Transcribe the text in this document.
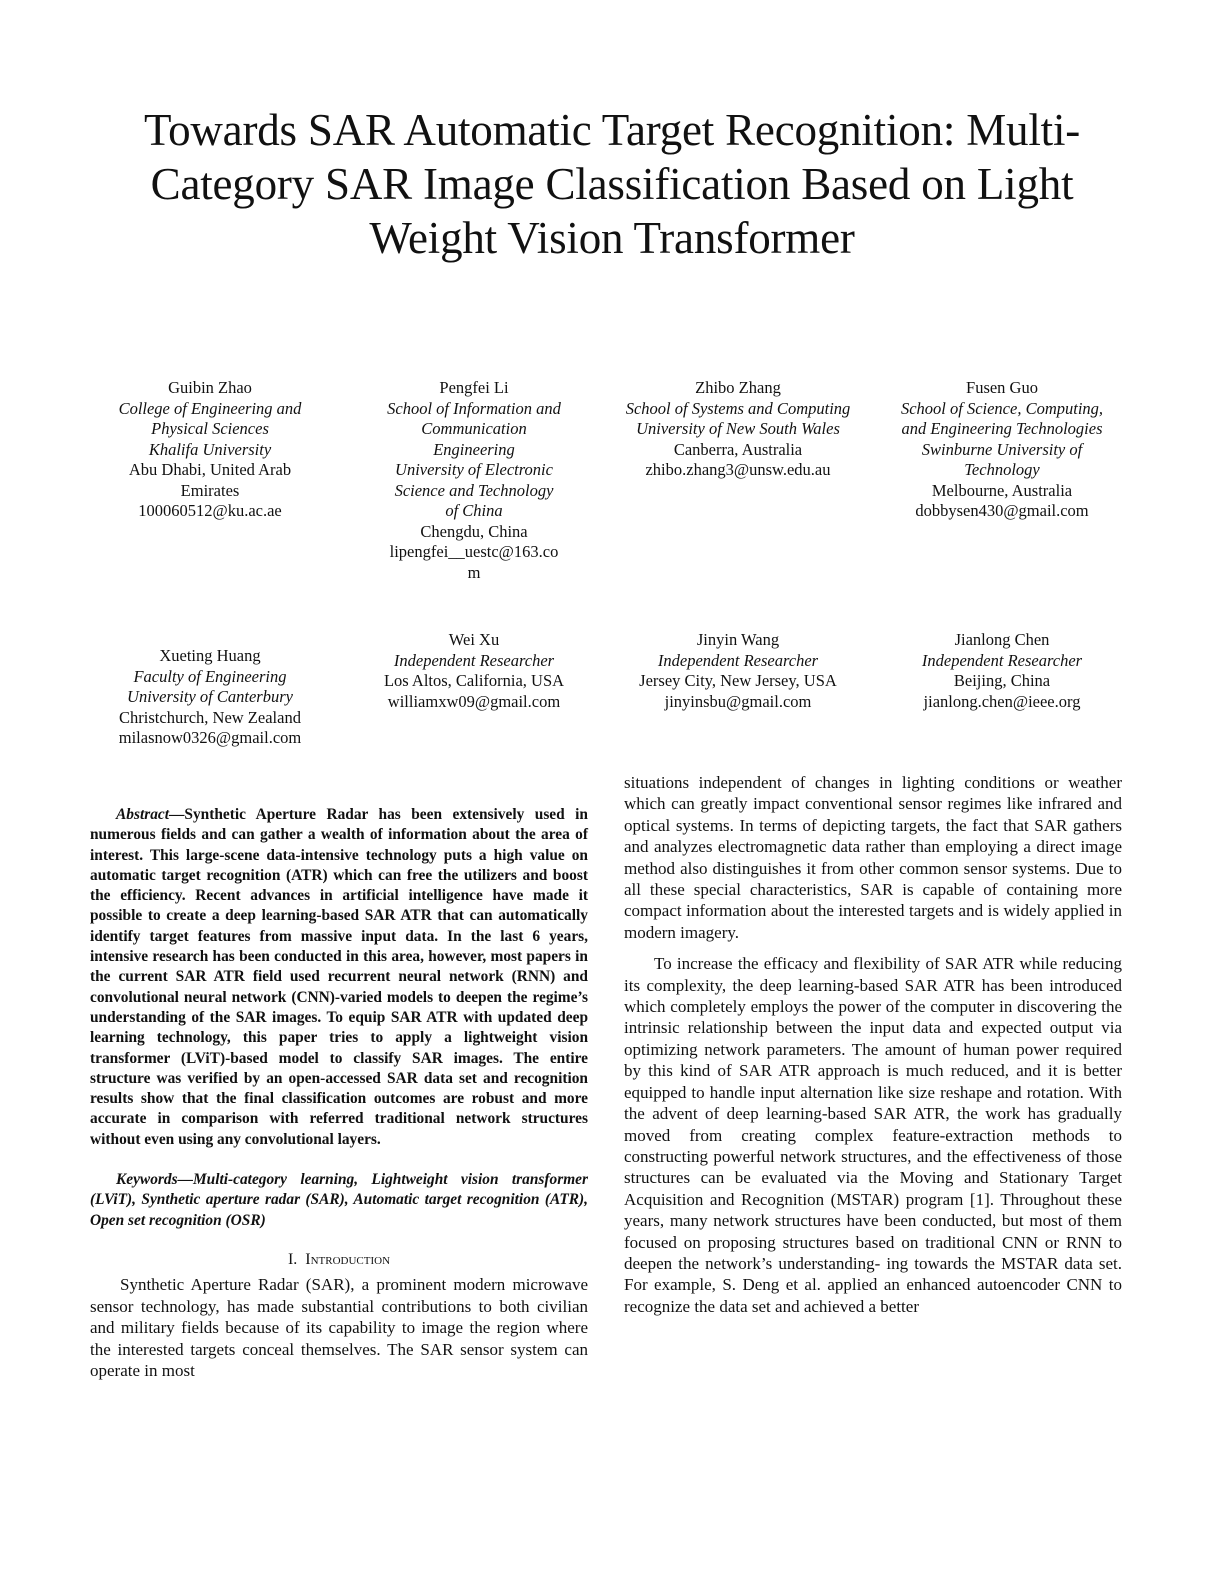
Towards SAR Automatic Target Recognition: Multi-Category SAR Image Classification Based on Light Weight Vision Transformer
Guibin Zhao
College of Engineering and
Physical Sciences
Khalifa University
Abu Dhabi, United Arab
Emirates
100060512@ku.ac.ae
Pengfei Li
School of Information and
Communication
Engineering
University of Electronic
Science and Technology
of China
Chengdu, China
lipengfei__uestc@163.co
m
Zhibo Zhang
School of Systems and Computing
University of New South Wales
Canberra, Australia
zhibo.zhang3@unsw.edu.au
Fusen Guo
School of Science, Computing,
and Engineering Technologies
Swinburne University of
Technology
Melbourne, Australia
dobbysen430@gmail.com
Xueting Huang
Faculty of Engineering
University of Canterbury
Christchurch, New Zealand
milasnow0326@gmail.com
Wei Xu
Independent Researcher
Los Altos, California, USA
williamxw09@gmail.com
Jinyin Wang
Independent Researcher
Jersey City, New Jersey, USA
jinyinsbu@gmail.com
Jianlong Chen
Independent Researcher
Beijing, China
jianlong.chen@ieee.org

Abstract—Synthetic Aperture Radar has been extensively used in numerous fields and can gather a wealth of information about the area of interest. This large-scene data-intensive technology puts a high value on automatic target recognition (ATR) which can free the utilizers and boost the efficiency. Recent advances in artificial intelligence have made it possible to create a deep learning-based SAR ATR that can automatically identify target features from massive input data. In the last 6 years, intensive research has been conducted in this area, however, most papers in the current SAR ATR field used recurrent neural network (RNN) and convolutional neural network (CNN)-varied models to deepen the regime’s understanding of the SAR images. To equip SAR ATR with updated deep learning technology, this paper tries to apply a lightweight vision transformer (LViT)-based model to classify SAR images. The entire structure was verified by an open-accessed SAR data set and recognition results show that the final classification outcomes are robust and more accurate in comparison with referred traditional network structures without even using any convolutional layers.

Keywords—Multi-category learning, Lightweight vision transformer (LViT), Synthetic aperture radar (SAR), Automatic target recognition (ATR), Open set recognition (OSR)

I. Introduction

Synthetic Aperture Radar (SAR), a prominent modern microwave sensor technology, has made substantial contributions to both civilian and military fields because of its capability to image the region where the interested targets conceal themselves. The SAR sensor system can operate in most

situations independent of changes in lighting conditions or weather which can greatly impact conventional sensor regimes like infrared and optical systems. In terms of depicting targets, the fact that SAR gathers and analyzes electromagnetic data rather than employing a direct image method also distinguishes it from other common sensor systems. Due to all these special characteristics, SAR is capable of containing more compact information about the interested targets and is widely applied in modern imagery.

To increase the efficacy and flexibility of SAR ATR while reducing its complexity, the deep learning-based SAR ATR has been introduced which completely employs the power of the computer in discovering the intrinsic relationship between the input data and expected output via optimizing network parameters. The amount of human power required by this kind of SAR ATR approach is much reduced, and it is better equipped to handle input alternation like size reshape and rotation. With the advent of deep learning-based SAR ATR, the work has gradually moved from creating complex feature-extraction methods to constructing powerful network structures, and the effectiveness of those structures can be evaluated via the Moving and Stationary Target Acquisition and Recognition (MSTAR) program [1]. Throughout these years, many network structures have been conducted, but most of them focused on proposing structures based on traditional CNN or RNN to deepen the network’s understanding- ing towards the MSTAR data set. For example, S. Deng et al. applied an enhanced autoencoder CNN to recognize the data set and achieved a better
